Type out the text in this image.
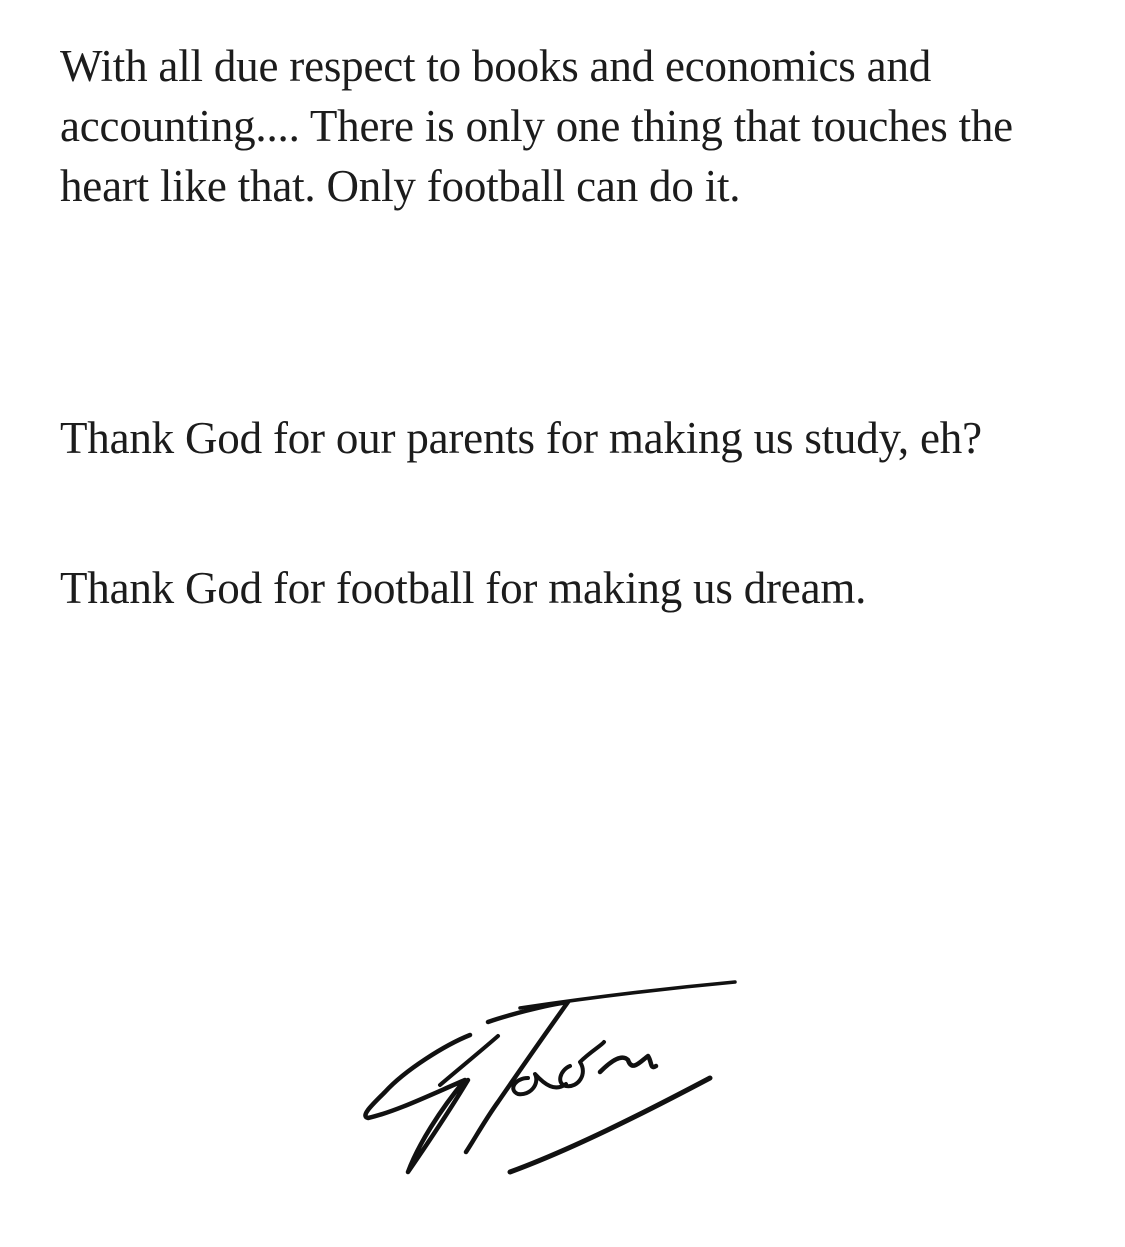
With all due respect to books and economics and accounting.... There is only one thing that touches the heart like that. Only football can do it.

Thank God for our parents for making us study, eh?

Thank God for football for making us dream.
